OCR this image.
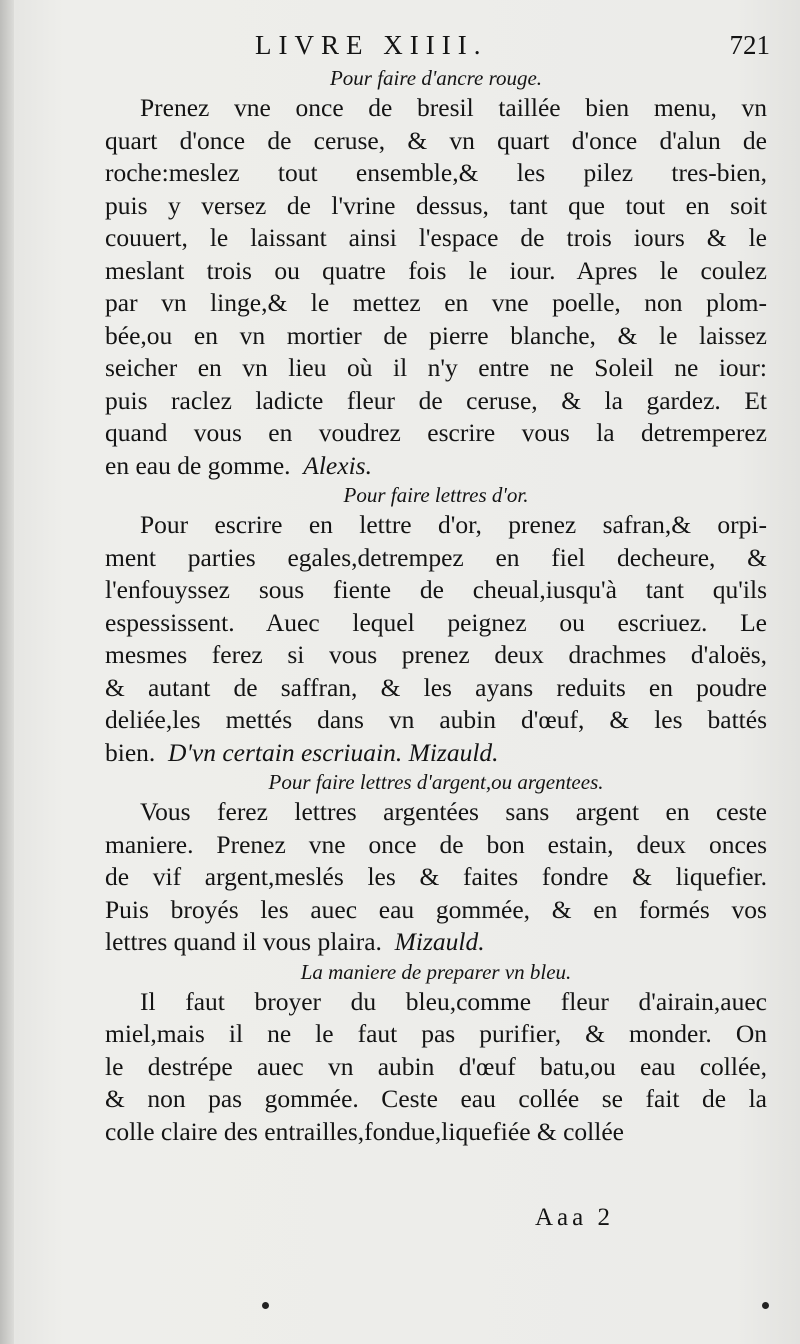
LIVRE XIIII.	721

Pour faire d'ancre rouge.

Prenez vne once de bresil taillée bien menu, vn

quart d'once de ceruse, & vn quart d'once d'alun de

roche:meslez tout ensemble,& les pilez tres-bien,

puis y versez de l'vrine dessus, tant que tout en soit

couuert, le laissant ainsi l'espace de trois iours & le

meslant trois ou quatre fois le iour. Apres le coulez

par vn linge,& le mettez en vne poelle, non plom-

bée,ou en vn mortier de pierre blanche, & le laissez

seicher en vn lieu où il n'y entre ne Soleil ne iour:

puis raclez ladicte fleur de ceruse, & la gardez. Et

quand vous en voudrez escrire vous la detremperez

en eau de gomme. Alexis.

Pour faire lettres d'or.

Pour escrire en lettre d'or, prenez safran,& orpi-

ment parties egales,detrempez en fiel decheure, &

l'enfouyssez sous fiente de cheual,iusqu'à tant qu'ils

espessissent. Auec lequel peignez ou escriuez. Le

mesmes ferez si vous prenez deux drachmes d'aloës,

& autant de saffran, & les ayans reduits en poudre

deliée,les mettés dans vn aubin d'œuf, & les battés

bien. D'vn certain escriuain. Mizauld.

Pour faire lettres d'argent,ou argentees.

Vous ferez lettres argentées sans argent en ceste

maniere. Prenez vne once de bon estain, deux onces

de vif argent,meslés les & faites fondre & liquefier.

Puis broyés les auec eau gommée, & en formés vos

lettres quand il vous plaira. Mizauld.

La maniere de preparer vn bleu.

Il faut broyer du bleu,comme fleur d'airain,auec

miel,mais il ne le faut pas purifier, & monder. On

le destrépe auec vn aubin d'œuf batu,ou eau collée,

& non pas gommée. Ceste eau collée se fait de la

colle claire des entrailles,fondue,liquefiée & collée

Aaa 2
